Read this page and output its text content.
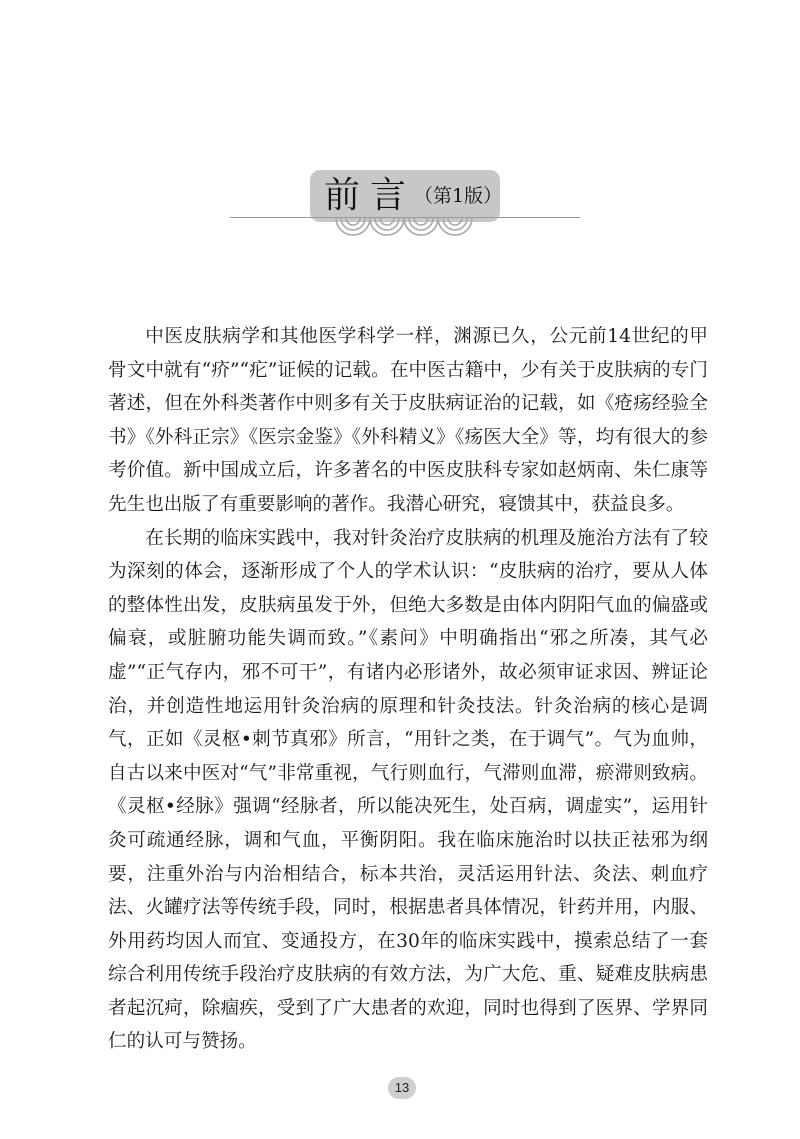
前言
（第1版）

中医皮肤病学和其他医学科学一样，渊源已久，公元前14世纪的甲骨文中就有“疥”“疕”证候的记载。在中医古籍中，少有关于皮肤病的专门著述，但在外科类著作中则多有关于皮肤病证治的记载，如《疮疡经验全书》《外科正宗》《医宗金鉴》《外科精义》《疡医大全》等，均有很大的参考价值。新中国成立后，许多著名的中医皮肤科专家如赵炳南、朱仁康等先生也出版了有重要影响的著作。我潜心研究，寝馈其中，获益良多。

在长期的临床实践中，我对针灸治疗皮肤病的机理及施治方法有了较为深刻的体会，逐渐形成了个人的学术认识：“皮肤病的治疗，要从人体的整体性出发，皮肤病虽发于外，但绝大多数是由体内阴阳气血的偏盛或偏衰，或脏腑功能失调而致。”《素问》中明确指出“邪之所凑，其气必虚”“正气存内，邪不可干”，有诸内必形诸外，故必须审证求因、辨证论治，并创造性地运用针灸治病的原理和针灸技法。针灸治病的核心是调气，正如《灵枢•刺节真邪》所言，“用针之类，在于调气”。气为血帅，自古以来中医对“气”非常重视，气行则血行，气滞则血滞，瘀滞则致病。《灵枢•经脉》强调“经脉者，所以能决死生，处百病，调虚实”，运用针灸可疏通经脉，调和气血，平衡阴阳。我在临床施治时以扶正祛邪为纲要，注重外治与内治相结合，标本共治，灵活运用针法、灸法、刺血疗法、火罐疗法等传统手段，同时，根据患者具体情况，针药并用，内服、外用药均因人而宜、变通投方，在30年的临床实践中，摸索总结了一套综合利用传统手段治疗皮肤病的有效方法，为广大危、重、疑难皮肤病患者起沉疴，除痼疾，受到了广大患者的欢迎，同时也得到了医界、学界同仁的认可与赞扬。

13
